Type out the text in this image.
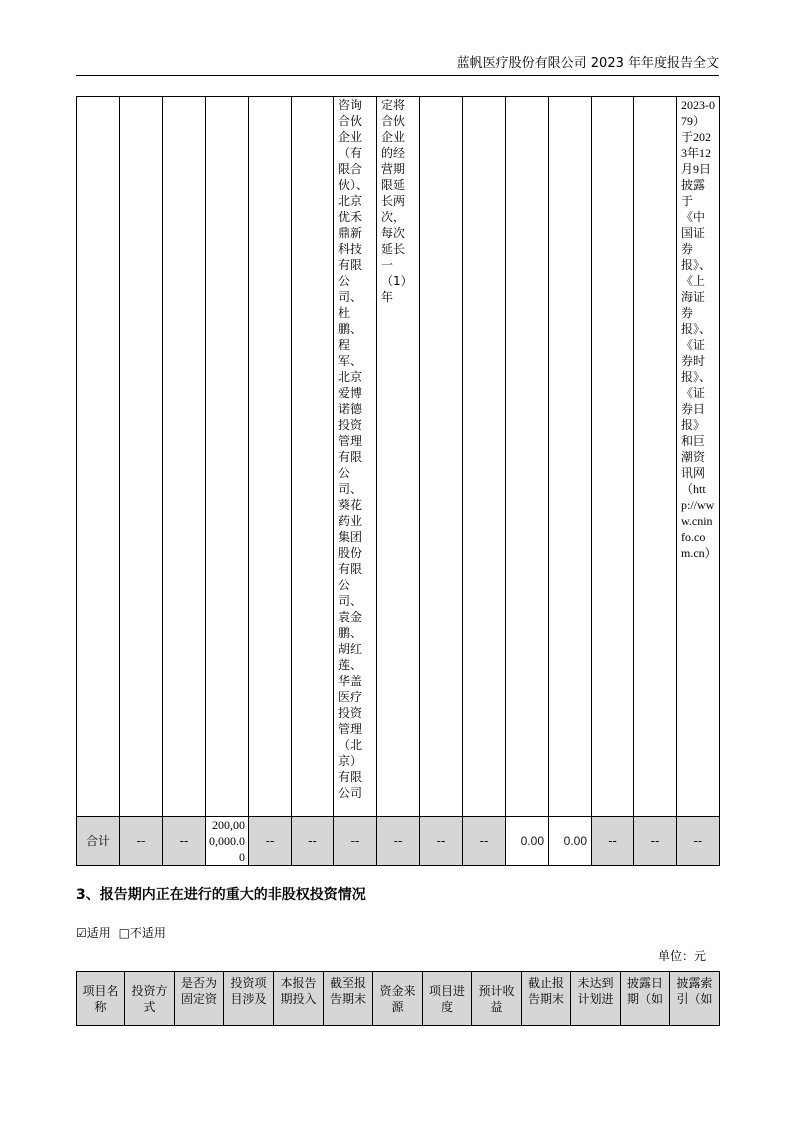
蓝帆医疗股份有限公司 2023 年年度报告全文
						咨询合伙企业（有限合伙）、北京优禾鼎新科技有限公司、杜鹏、程军、北京爱博诺德投资管理有限公司、葵花药业集团股份有限公司、袁金鹏、胡红莲、华盖医疗投资管理（北京）有限公司	定将合伙企业的经营期限延长两次，每次延长一（1）年							2023-079）于2023年12月9日披露于《中国证券报》、《上海证券报》、《证券时报》、《证券日报》和巨潮资讯网（http://www.cninfo.com.cn）
合计	--	--	200,000,000.00	--	--	--	--	--	--	0.00	0.00	--	--	--
3、报告期内正在进行的重大的非股权投资情况
☑适用 □不适用
单位：元
项目名称	投资方式	是否为固定资	投资项目涉及	本报告期投入	截至报告期末	资金来源	项目进度	预计收益	截止报告期末	未达到计划进	披露日期（如	披露索引（如
